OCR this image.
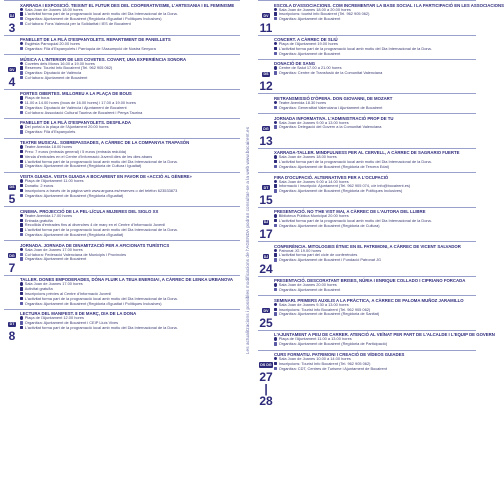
DJ
3
XARRADA I EXPOSICIÓ. TEIXINT EL FUTUR DES DEL COOPERATIVISME, L'ARTESANIA I EL FEMINISME
Sala Joan de Joanes 18.00 hores
L'activitat forma part de la programació local amb motiu del Dia Internacional de la Dona.
Organitza: Ajuntament de Bocairent (Regidoria d'Igualtat i Polítiques Inclusives)
Col·labora: Fons Valencià per la Solidaritat i IES de Bocairent
PANELLET DE LA FILÀ D'ESPANYOLETS. REPARTIMENT DE PANELLETS
Església Parroquial 20.00 hores
Organitza: Filà d'Espanyolets i Parròquia de l'Assumpció de Nostra Senyora
DV
4
MÚSICA A L'INTERIOR DE LES COVETES. COVART, UNA EXPERIÈNCIA SONORA
Covetes dels Moros 16.00 a 19.00 hores
Reserves: Tourist Info Bocairent (Tel. 962 905 062)
Organitza: Diputació de València
Col·labora: Ajuntament de Bocairent
PORTES OBERTES. MILLOREU A LA PLAÇA DE BOUS
Plaça de bous
11.00 a 14.00 hores (bous de 16.00 hores) i 17.00 a 19.00 hores
Organitza: Diputació de València i Ajuntament de Bocairent
Col·labora: Associació Cultural Taurina de Bocairent i Penya Taurina
PANELLET DE LA FILÀ D'ESPANYOLETS. DESFILADA
Del portal a la plaça de l'Ajuntament 20.00 hores
Organitza: Filà d'Espanyolets
TEATRE MUSICAL. SOBREPASSADES, A CÀRREC DE LA COMPANYIA TRAPASÓN
Teatre Avenida 18.00 hores
Preu: 7 euros (entrada general) i 5 euros (entrada reduïda)
Venda d'entrades en el Centre d'Informació Juvenil dies de les dies abans
L'activitat forma part de la programació local amb motiu del Dia Internacional de la Dona.
Organitza: Ajuntament de Bocairent (Regidoria de Cultura i Igualtat)
DS
5
VISITA GUIADA. VISITA GUIADA A BOCAIRENT EN FAVOR DE «ACCIÓ AL GÈNERE»
Plaça de l'Ajuntament 11.00 hores
Donatiu: 2 euros
Inscripcions a través de la pàgina web www.arguea.es/reserves o del telèfon 623533873
Organitza: Ajuntament de Bocairent (Regidoria d'Igualtat)
CINEMA. PROJECCIÓ DE LA PEL·LÍCULA MUJERES DEL SIGLO XX
Teatre Avenida 17.00 hores
Entrada gratuïta
Recollida d'entrades fins al divendres 4 de març en el Centre d'Informació Juvenil
L'activitat forma part de la programació local amb motiu del Dia Internacional de la Dona.
Organitza: Ajuntament de Bocairent (Regidoria d'Igualtat)
DG
7
JORNADA. JORNADA DE DINAMITZACIÓ PER A AFICIONATS TURÍSTICS
Sala Joan de Joanes 17.00 hores
Col·labora: Federació Valenciana de Municipis i Províncies
Organitza: Ajuntament de Bocairent
TALLER. DONES EMPODERADES, DÓNA FLUIR LA TEUA ENERGIA!, A CÀRREC DE LENKA URBANOVA
Sala Joan de Joanes 17.00 hores
Activitat gratuïta
Inscripcions prèvies al Centre d'Informació Juvenil
L'activitat forma part de la programació local amb motiu del Dia Internacional de la Dona.
Organitza: Ajuntament de Bocairent (Regidoria d'Igualtat i Polítiques Inclusives)
DT
8
LECTURA DEL MANIFEST. 8 DE MARÇ, DIA DE LA DONA
Plaça de l'Ajuntament 12.00 hores
Organitza: Ajuntament de Bocairent i CEIP Lluís Vives
L'activitat forma part de la programació local amb motiu del Dia Internacional de la Dona.	Les actualitzacions i possibles modificacions de l'AGENDA podran consultar-se a la web www.bocairent.es
DV
11
ESCOLA D'ASSOCIACIONS. COM INCREMENTAR LA BASE SOCIAL I LA PARTICIPACIÓ EN LES ASSOCIACIONS
Sala Joan de Joanes 18.00 a 20.00 hores
Inscripcions: tourist info Bocairent (Tel. 962 905 062)
Organitza: Ajuntament de Bocairent
CONCERT. A CÀRREC DE SLIÚ
Plaça de l'Ajuntament 19.00 hores
L'activitat forma part de la programació local amb motiu del Dia Internacional de la Dona.
Organitza: Ajuntament de Bocairent
DS
12
DONACIÓ DE SANG
Centre de Salut 17.00 a 21.00 hores
Organitza: Centre de Transfusió de la Comunitat Valenciana
RETRANSMISSIÓ D'ÒPERA. DON GIOVANNI, DE MOZART
Teatre Avenida 18.30 hores
Organitza: Generalitat Valenciana i Ajuntament de Bocairent
DG
13
JORNADA INFORMATIVA. L'ADMINISTRACIÓ PROP DE TU
Sala Joan de Joanes 9.00 a 13.00 hores
Organitza: Delegació del Govern a la Comunitat Valenciana
XARRADA-TALLER. MINDFULNESS PER AL CERVELL, A CÀRREC DE SAGRARIO FUERTE
Sala Joan de Joanes 18.00 hores
L'activitat forma part de la programació local amb motiu del Dia Internacional de la Dona.
Organitza: Ajuntament de Bocairent (Regidoria de Tercera Edat)
DT
15
FIRA D'OCUPACIÓ. ALTERNATIVES PER A L'OCUPACIÓ
Sala Joan de Joanes 9.00 a 14.00 hores
Informació i inscripció: Ajuntament (Tel. 962 905 074, c/e info@bocairent.es)
Organitza: Ajuntament de Bocairent (Regidoria de Polítiques Inclusives)
DJ
17
PRESENTACIÓ. NO T'HE VIST MAI, A CÀRREC DE L'AUTORA DEL LLIBRE
Biblioteca Pública Municipal 20.00 hores
L'activitat forma part de la programació local amb motiu del Dia Internacional de la Dona.
Organitza: Ajuntament de Bocairent (Regidoria de Cultura)
DJ
24
CONFERÈNCIA. MITOLOGIES ÈTNIC EN EL PATRIMONI, A CÀRREC DE VICENT SALVADOR
Patronat JG 19.00 hores
L'activitat forma part del cicle de conferències
Organitza: Ajuntament de Bocairent i Fundació Patronat JG
PRESENTACIÓ. DESCORATANT BRISES, NÚRIA I ENRIQUE COLLADO I CIPRIANO FORCADA
Sala Joan de Joanes 20.00 hores
Organitza: Ajuntament de Bocairent
DV
25
SEMINARI. PRIMERS AUXILIS A LA PRÀCTICA, A CÀRREC DE PALOMA MUÑOZ JARAMILLO
Sala Joan de Joanes 9.30 a 13.00 hores
Inscripcions: Tourist info Bocairent (Tel. 962 905 062)
Organitza: Ajuntament de Bocairent (Regidoria de Sanitat)
L'AJUNTAMENT A PEU DE CARRER. ATENCIÓ AL VEÏNAT PER PART DE L'ALCALDE I L'EQUIP DE GOVERN
Plaça de l'Ajuntament 11.00 a 13.00 hores
Organitza: Ajuntament de Bocairent (Regidoria de Participació)
DS DG
27 | 28
CURS FORMATIU. PATRIMONI I CREACIÓ DE VÍDEOS GUIADES
Sala Joan de Joanes 10.00 a 14.00 hores
Inscripcions: Tourist Info Bocairent (Tel. 962 905 062)
Organitza: CDT, Centres de Turisme i Ajuntament de Bocairent
